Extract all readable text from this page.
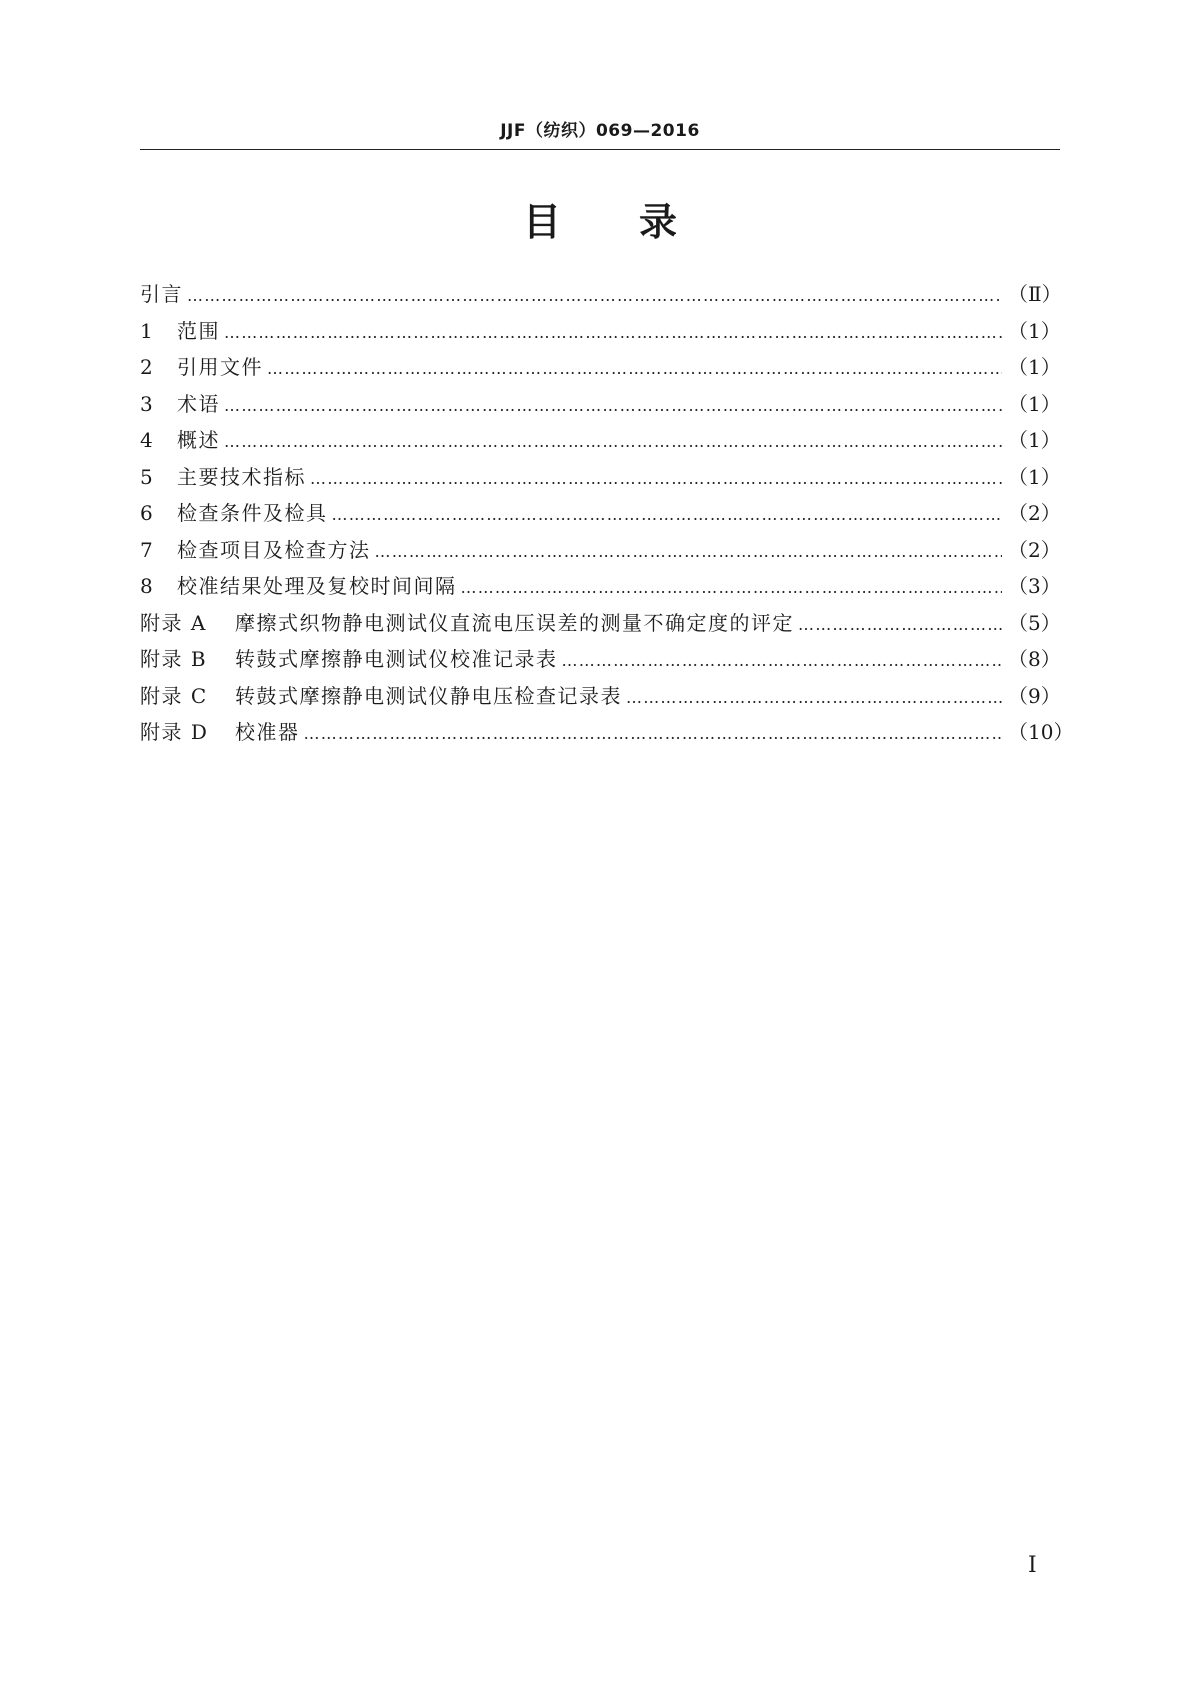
JJF（纺织）069—2016
目录
引言 ……………………………………………………………………………………………………………………………………………………………………………………………………………………………	（Ⅱ）
1	范围 ……………………………………………………………………………………………………………………………………………………………………………………………………………………………	（1）
2	引用文件 ……………………………………………………………………………………………………………………………………………………………………………………………………………………………	（1）
3	术语 ……………………………………………………………………………………………………………………………………………………………………………………………………………………………	（1）
4	概述 ……………………………………………………………………………………………………………………………………………………………………………………………………………………………	（1）
5	主要技术指标 ……………………………………………………………………………………………………………………………………………………………………………………………………………………………	（1）
6	检查条件及检具 ……………………………………………………………………………………………………………………………………………………………………………………………………………………………	（2）
7	检查项目及检查方法 ……………………………………………………………………………………………………………………………………………………………………………………………………………………………	（2）
8	校准结果处理及复校时间间隔 ……………………………………………………………………………………………………………………………………………………………………………………………………………………………	（3）
附录 A	摩擦式织物静电测试仪直流电压误差的测量不确定度的评定 ……………………………………………………………………………………………………………………………………………………………………………………………………………………………	（5）
附录 B	转鼓式摩擦静电测试仪校准记录表 ……………………………………………………………………………………………………………………………………………………………………………………………………………………………	（8）
附录 C	转鼓式摩擦静电测试仪静电压检查记录表 ……………………………………………………………………………………………………………………………………………………………………………………………………………………………	（9）
附录 D	校准器 ……………………………………………………………………………………………………………………………………………………………………………………………………………………………	（10）
Ⅰ
